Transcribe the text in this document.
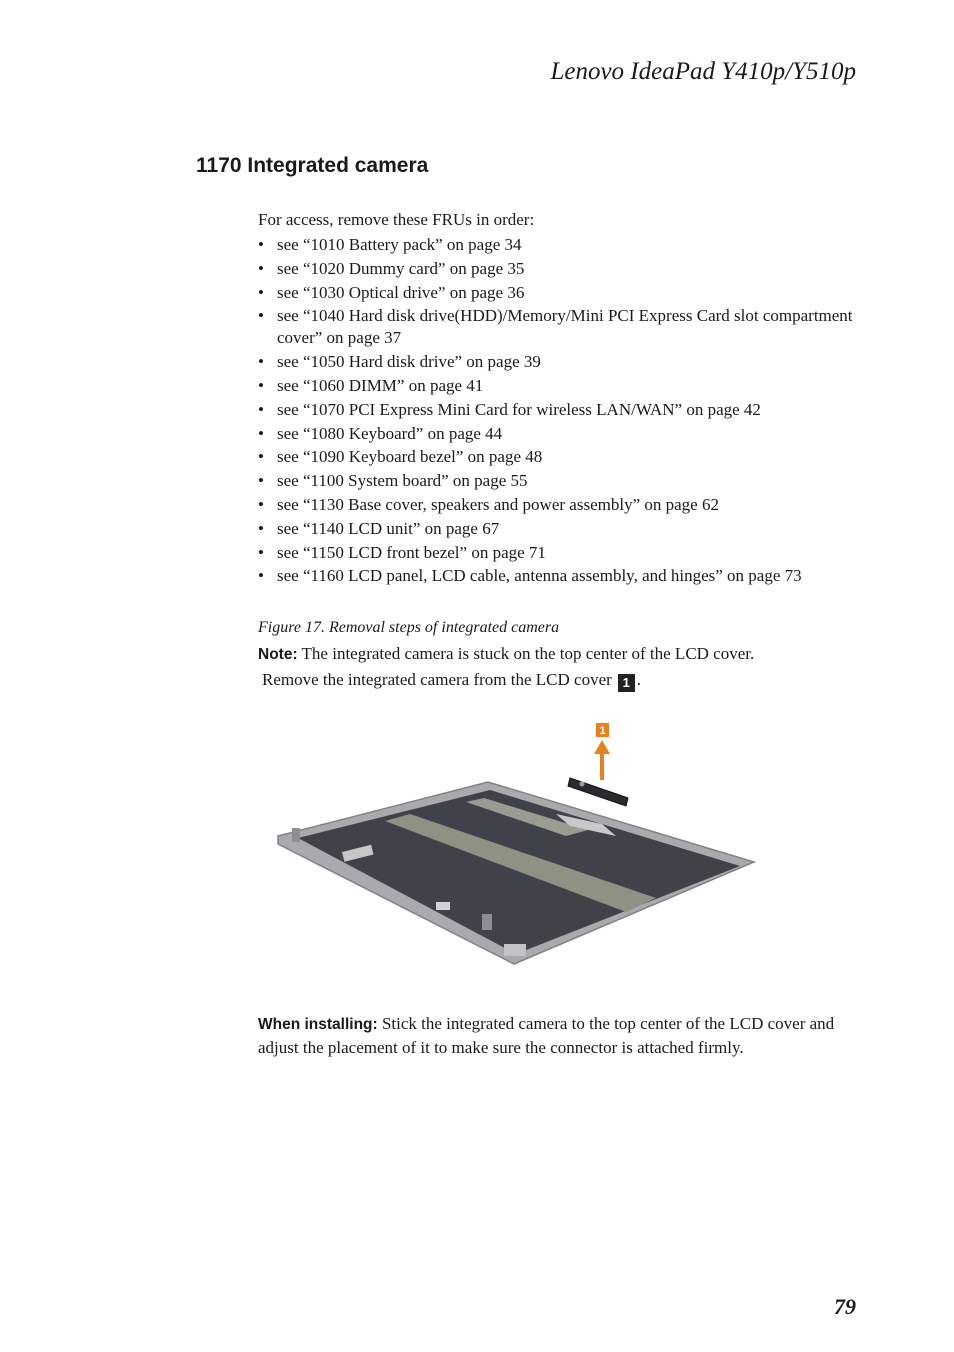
Lenovo IdeaPad Y410p/Y510p
1170 Integrated camera
For access, remove these FRUs in order:
• see “1010 Battery pack” on page 34
• see “1020 Dummy card” on page 35
• see “1030 Optical drive” on page 36
• see “1040 Hard disk drive(HDD)/Memory/Mini PCI Express Card slot compartment cover” on page 37
• see “1050 Hard disk drive” on page 39
• see “1060 DIMM” on page 41
• see “1070 PCI Express Mini Card for wireless LAN/WAN” on page 42
• see “1080 Keyboard” on page 44
• see “1090 Keyboard bezel” on page 48
• see “1100 System board” on page 55
• see “1130 Base cover, speakers and power assembly” on page 62
• see “1140 LCD unit” on page 67
• see “1150 LCD front bezel” on page 71
• see “1160 LCD panel, LCD cable, antenna assembly, and hinges” on page 73
Figure 17. Removal steps of integrated camera
Note: The integrated camera is stuck on the top center of the LCD cover.
Remove the integrated camera from the LCD cover 1 .
1
When installing: Stick the integrated camera to the top center of the LCD cover and adjust the placement of it to make sure the connector is attached firmly.
79
